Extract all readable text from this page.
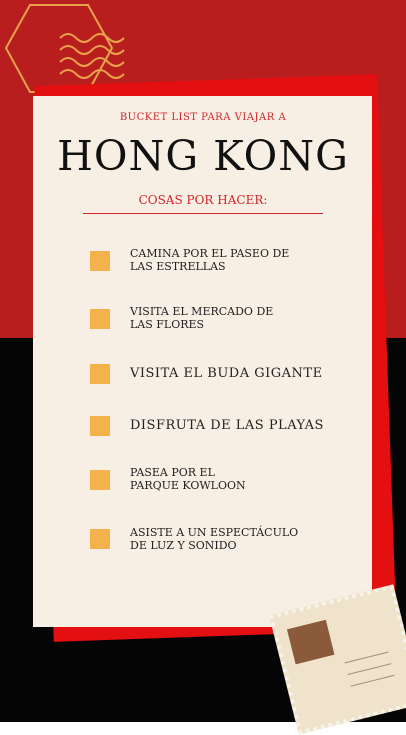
BUCKET LIST PARA VIAJAR A
HONG KONG
COSAS POR HACER:
CAMINA POR EL PASEO DE
LAS ESTRELLAS
VISITA EL MERCADO DE
LAS FLORES
VISITA EL BUDA GIGANTE
DISFRUTA DE LAS PLAYAS
PASEA POR EL
PARQUE KOWLOON
ASISTE A UN ESPECTÁCULO
DE LUZ Y SONIDO
